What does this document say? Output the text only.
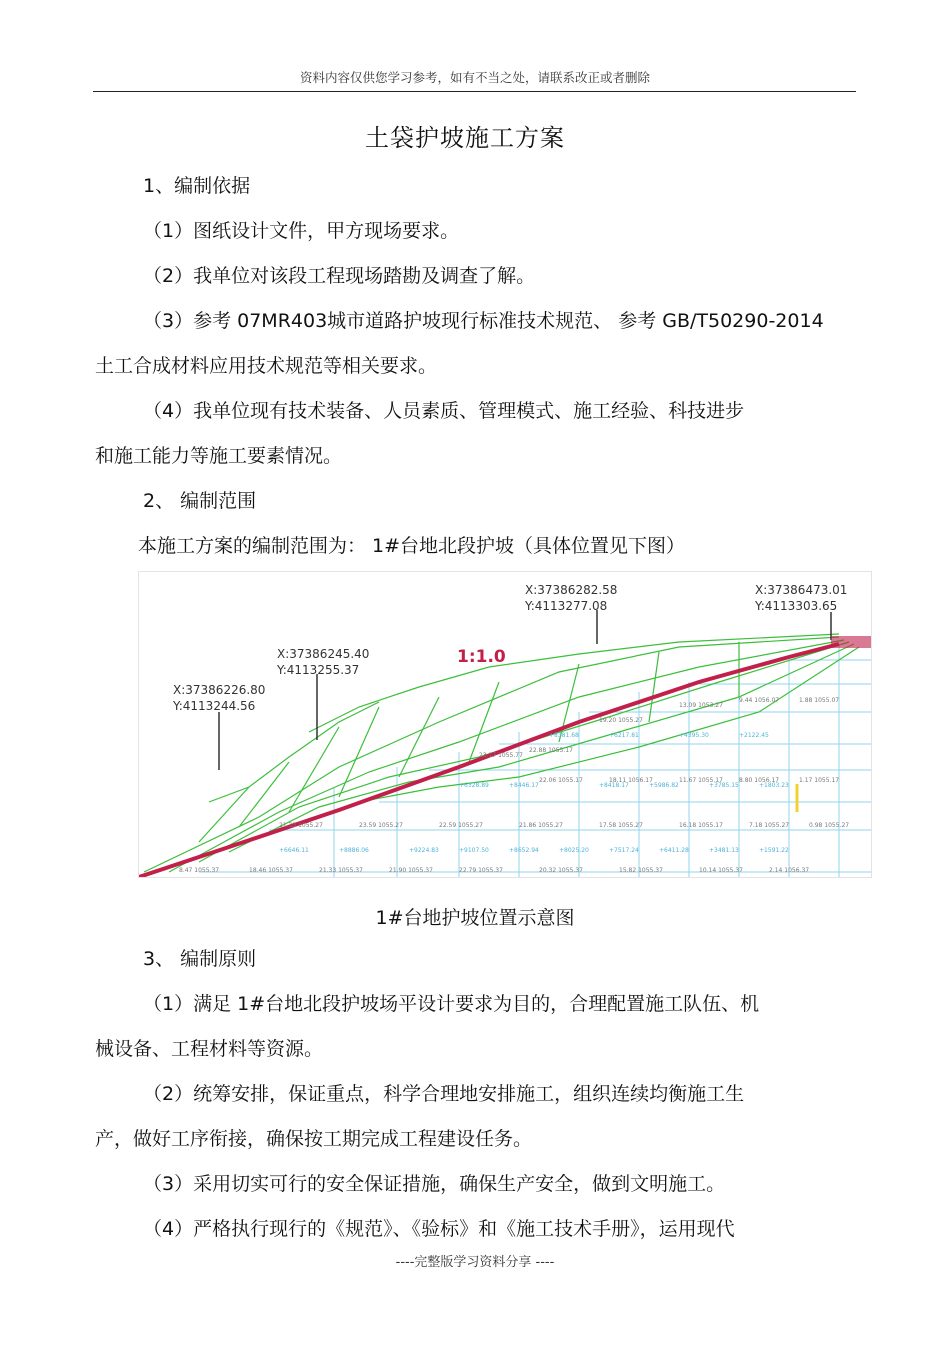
资料内容仅供您学习参考，如有不当之处，请联系改正或者删除
土袋护坡施工方案
1、编制依据
（1）图纸设计文件，甲方现场要求。
（2）我单位对该段工程现场踏勘及调查了解。
（3）参考 07MR403城市道路护坡现行标准技术规范、 参考 GB/T50290-2014
土工合成材料应用技术规范等相关要求。
（4）我单位现有技术装备、人员素质、管理模式、施工经验、科技进步
和施工能力等施工要素情况。
2、 编制范围
本施工方案的编制范围为： 1#台地北段护坡（具体位置见下图）
23.17 1055.77
22.88 1055.17
19.20 1055.27
13.09 1053.27
9.44 1056.07	1.88 1055.07
22.06 1055.17	18.11 1056.17	11.67 1055.17	8.80 1056.17	1.17 1055.17
21.33 1055.27	23.59 1055.27	22.59 1055.27	21.86 1055.27	17.58 1055.27	16.18 1055.17	7.18 1055.27	0.98 1055.27
8.47 1055.37	18.46 1055.37	21.33 1055.37	21.90 1055.37	22.79 1055.37	20.32 1055.37	15.82 1055.37	10.14 1055.37	2.14 1056.37
+8381.68	+6217.81	+4395.30	+2122.45
+6328.89	+8446.17	+8418.17	+5986.82	+3785.15	+1803.23
+6646.11	+8886.06	+9224.83	+9107.50	+8652.94	+8025.20	+7517.24	+6411.28	+3481.13	+1591.22
1:1.0
X:37386226.80
Y:4113244.56
X:37386245.40
Y:4113255.37
X:37386282.58
Y:4113277.08
X:37386473.01
Y:4113303.65
1#台地护坡位置示意图
3、 编制原则
（1）满足 1#台地北段护坡场平设计要求为目的，合理配置施工队伍、机
械设备、工程材料等资源。
（2）统筹安排，保证重点，科学合理地安排施工，组织连续均衡施工生
产，做好工序衔接，确保按工期完成工程建设任务。
（3）采用切实可行的安全保证措施，确保生产安全，做到文明施工。
（4）严格执行现行的《规范》、《验标》和《施工技术手册》，运用现代
----完整版学习资料分享 ----
